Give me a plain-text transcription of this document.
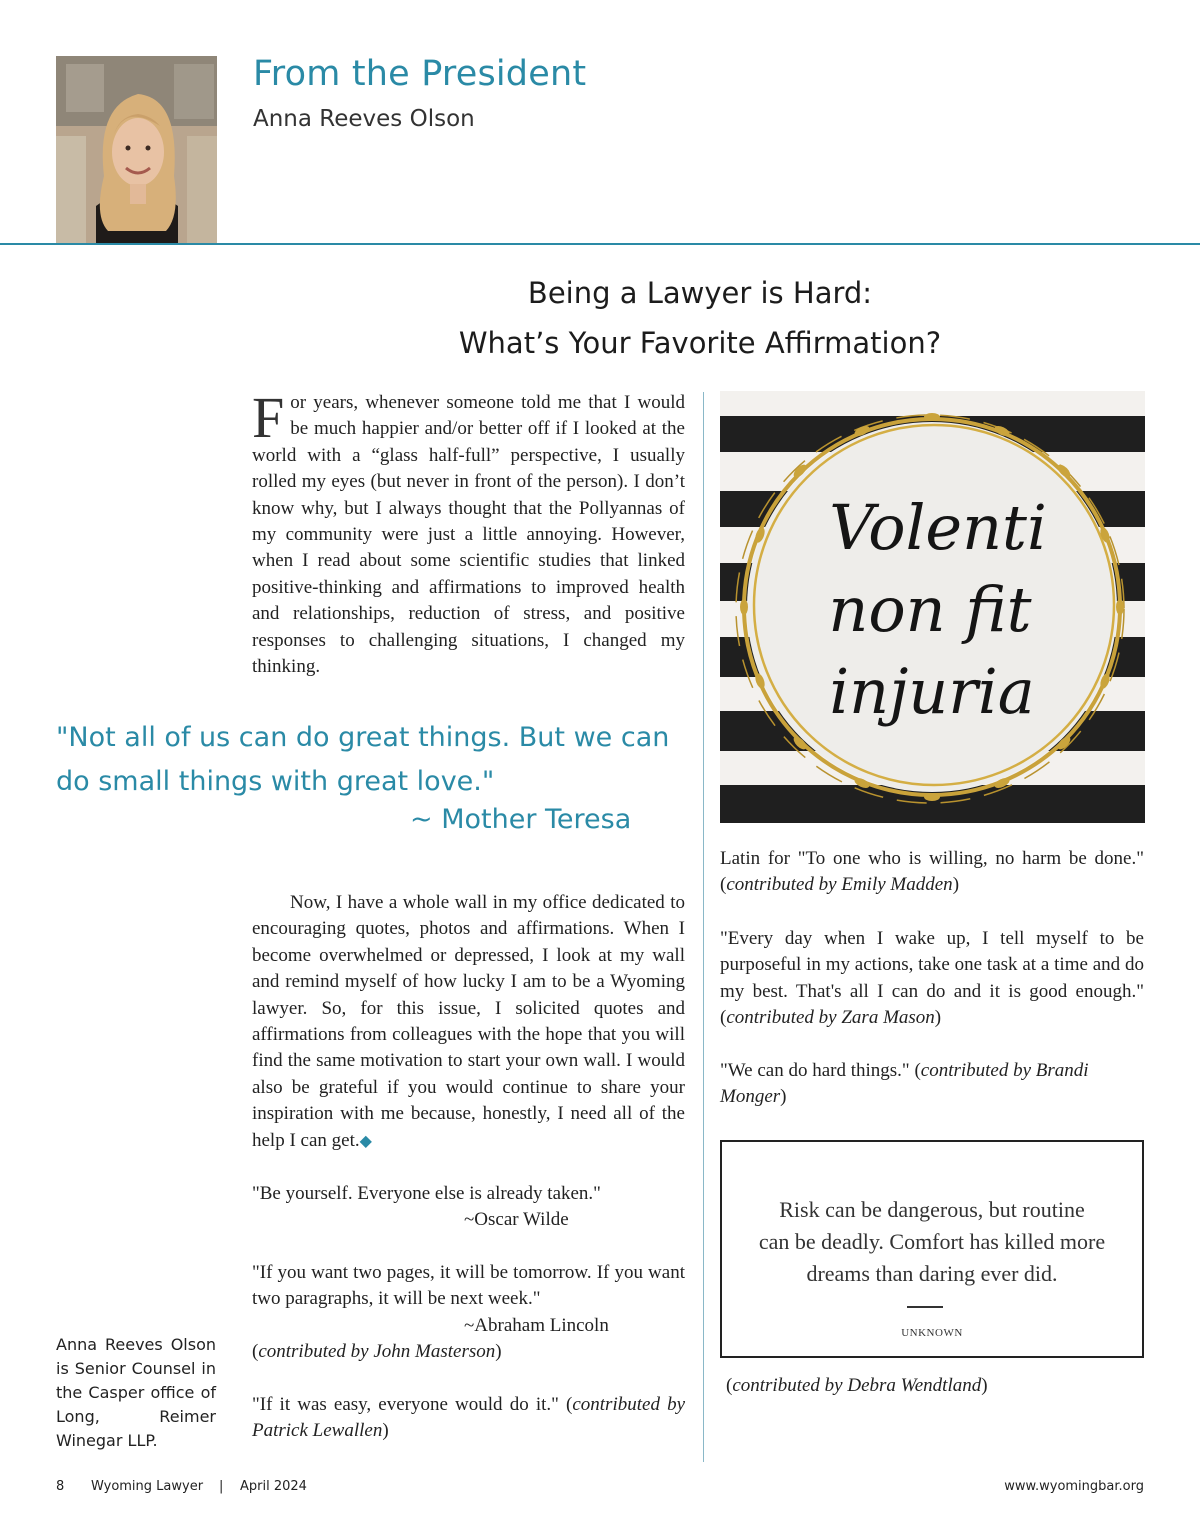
From the President
Anna Reeves Olson
Being a Lawyer is Hard:
What’s Your Favorite Affirmation?
For years, whenever someone told me that I would be much happier and/or better off if I looked at the world with a “glass half-full” perspective, I usually rolled my eyes (but never in front of the person). I don’t know why, but I always thought that the Pollyannas of my community were just a little annoying. However, when I read about some scientific studies that linked positive-thinking and affirmations to improved health and relationships, reduction of stress, and positive responses to challenging situations, I changed my thinking.
"Not all of us can do great things. But we can do small things with great love."
~ Mother Teresa
Now, I have a whole wall in my office dedicated to encouraging quotes, photos and affirmations. When I become overwhelmed or depressed, I look at my wall and remind myself of how lucky I am to be a Wyoming lawyer. So, for this issue, I solicited quotes and affirmations from colleagues with the hope that you will find the same motivation to start your own wall. I would also be grateful if you would continue to share your inspiration with me because, honestly, I need all of the help I can get.◆
"Be yourself. Everyone else is already taken."
~Oscar Wilde
"If you want two pages, it will be tomorrow. If you want two paragraphs, it will be next week."
~Abraham Lincoln
(contributed by John Masterson)
"If it was easy, everyone would do it." (contributed by Patrick Lewallen)
Anna Reeves Olson is Senior Counsel in the Casper office of Long, Reimer Winegar LLP.
Volenti
non fit
injuria
Latin for "To one who is willing, no harm be done." (contributed by Emily Madden)
"Every day when I wake up, I tell myself to be purposeful in my actions, take one task at a time and do my best. That's all I can do and it is good enough." (contributed by Zara Mason)
"We can do hard things." (contributed by Brandi Monger)
Risk can be dangerous, but routine
can be deadly. Comfort has killed more
dreams than daring ever did.
UNKNOWN
(contributed by Debra Wendtland)
8 Wyoming Lawyer | April 2024	www.wyomingbar.org
